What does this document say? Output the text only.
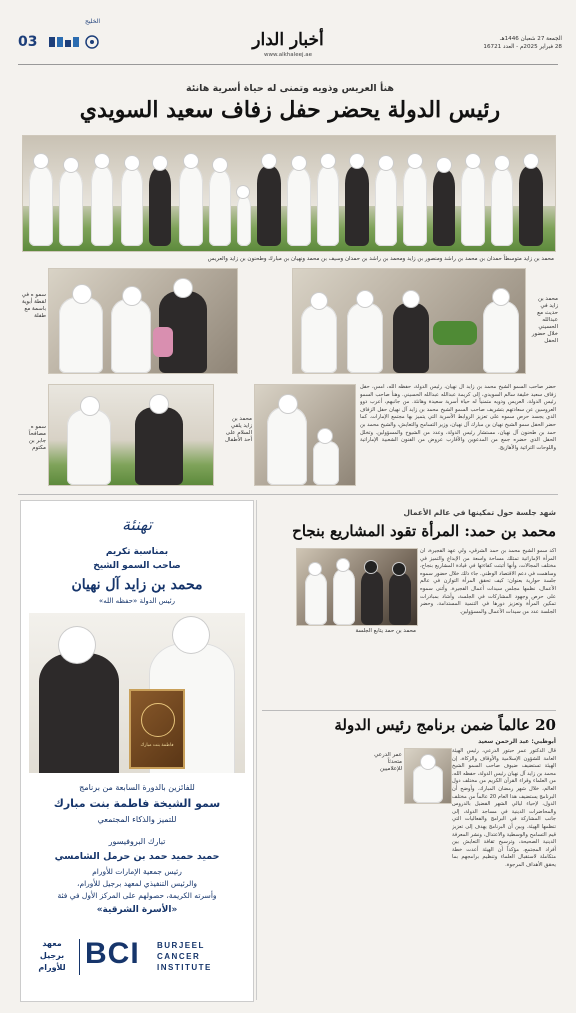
03
الخليج
أخبار الدار
www.alkhaleej.ae
الجمعة 27 شعبان 1446هـ
28 فبراير 2025م - العدد 16721
هنأ العريس وذويه وتمنى له حياة أسرية هانئة
رئيس الدولة يحضر حفل زفاف سعيد السويدي
محمد بن زايد متوسطاً حمدان بن محمد بن راشد ومنصور بن زايد ومحمد بن راشد بن حمدان وسيف بن محمد ونهيان بن مبارك وطحنون بن زايد والعريس
سمو ه في لقطة أبوية باسمة مع طفلة
محمد بن زايد في حديث مع عبدالله الحسيني خلال حضور الحفل
سمو ه مصافحاً جابر بن مكتوم
محمد بن زايد يلقي السلام على أحد الأطفال
حضر صاحب السمو الشيخ محمد بن زايد آل نهيان، رئيس الدولة، حفظه الله، أمس، حفل زفاف سعيد خليفة سالم السويدي، إلى كريمة عبدالله عبدالله الحسيني. وهنأ صاحب السمو رئيس الدولة، العريس وذويه متمنياً له حياة أسرية سعيدة وهانئة. من جانبهم، أعرب ذوو العروسين عن سعادتهم بتشريف صاحب السمو الشيخ محمد بن زايد آل نهيان حفل الزفاف الذي يجسد حرص سموه على تعزيز الروابط الأسرية التي يتميز بها مجتمع الإمارات. كما حضر الحفل سمو الشيخ نهيان بن مبارك آل نهيان، وزير التسامح والتعايش، والشيخ محمد بن حمد بن طحنون آل نهيان، مستشار رئيس الدولة، وعدد من الشيوخ والمسؤولين. وتخلل الحفل الذي حضره جمع من المدعوين والأقارب عروض من الفنون الشعبية الإماراتية واللوحات التراثية والأهازيج.
تهنئة
بمناسبة تكريم
صاحب السمو الشيخ
محمد بن زايد آل نهيان
رئيس الدولة «حفظه الله»
فاطمة بنت مبارك
للفائزين بالدورة السابعة من برنامج
سمو الشيخة فاطمة بنت مبارك
للتميز والذكاء المجتمعي
تبارك البروفيسور
حميد حميد حمد بن حرمل الشامسي
رئيس جمعية الإمارات للأورام
والرئيس التنفيذي لمعهد برجيل للأورام،
وأسرته الكريمة، حصولهم على المركز الأول في فئة
«الأسرة الشرقية»
معهد
برجيل
للأورام BCI BURJEEL
CANCER
INSTITUTE
شهد جلسة حول تمكينها في عالم الأعمال
محمد بن حمد: المرأة تقود المشاريع بنجاح
محمد بن حمد يتابع الجلسة
أكد سمو الشيخ محمد بن حمد الشرقي، ولي عهد الفجيرة، أن المرأة الإماراتية تمتلك مساحة واسعة من الإبداع والتميز في مختلف المجالات، وأنها أثبتت كفاءتها في قيادة المشاريع بنجاح، وساهمت في دعم الاقتصاد الوطني. جاء ذلك خلال حضور سموه جلسة حوارية بعنوان: كيف تحقق المرأة التوازن في عالم الأعمال، نظمها مجلس سيدات أعمال الفجيرة. وأثنى سموه على حرص وجهود المشاركات في الجلسة، وأشاد بمبادرات تمكين المرأة وتعزيز دورها في التنمية المستدامة، وحضر الجلسة عدد من سيدات الأعمال والمسؤولين.
20 عالماً ضمن برنامج رئيس الدولة
أبوظبي: عبد الرحمن سعيد
عمر الدرعي متحدثاً للإعلاميين
قال الدكتور عمر حبتور الدرعي، رئيس الهيئة العامة للشؤون الإسلامية والأوقاف والزكاة، إن الهيئة تستضيف ضيوف صاحب السمو الشيخ محمد بن زايد آل نهيان رئيس الدولة، حفظه الله، من العلماء وقراء القرآن الكريم من مختلف دول العالم، خلال شهر رمضان المبارك. وأوضح أن البرنامج يستضيف هذا العام 20 عالماً من مختلف الدول، لإحياء ليالي الشهر الفضيل بالدروس والمحاضرات الدينية في مساجد الدولة، إلى جانب المشاركة في البرامج والفعاليات التي تنظمها الهيئة. وبين أن البرنامج يهدف إلى تعزيز قيم التسامح والوسطية والاعتدال، ونشر المعرفة الدينية الصحيحة، وترسيخ ثقافة التعايش بين أفراد المجتمع، مؤكداً أن الهيئة أعدت خطة متكاملة لاستقبال العلماء وتنظيم برامجهم بما يحقق الأهداف المرجوة.
